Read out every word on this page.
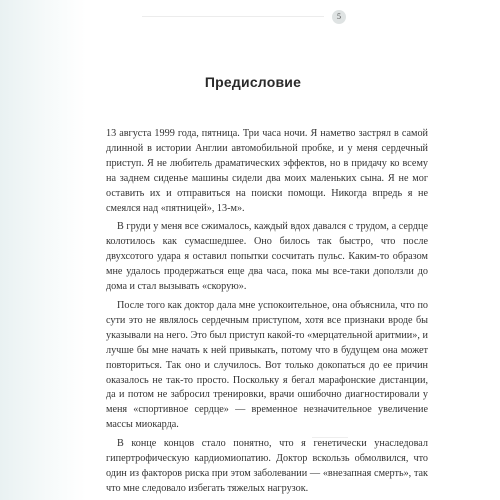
5
Предисловие

13 августа 1999 года, пятница. Три часа ночи. Я наметво застрял в самой длинной в истории Англии автомобильной пробке, и у меня сердечный приступ. Я не любитель драматических эффектов, но в придачу ко всему на заднем сиденье машины сидели два моих маленьких сына. Я не мог оставить их и отправиться на поиски помощи. Никогда впредь я не смеялся над «пятницей», 13-м».

В груди у меня все сжималось, каждый вдох давался с трудом, а сердце колотилось как сумасшедшее. Оно билось так быстро, что после двухсотого удара я оставил попытки сосчитать пульс. Каким-то образом мне удалось продержаться еще два часа, пока мы все-таки доползли до дома и стал вызывать «скорую».

После того как доктор дала мне успокоительное, она объяснила, что по сути это не являлось сердечным приступом, хотя все признаки вроде бы указывали на него. Это был приступ какой-то «мерцательной аритмии», и лучше бы мне начать к ней привыкать, потому что в будущем она может повториться. Так оно и случилось. Вот только докопаться до ее причин оказалось не так-то просто. Поскольку я бегал марафонские дистанции, да и потом не забросил тренировки, врачи ошибочно диагностировали у меня «спортивное сердце» — временное незначительное увеличение массы миокарда.

В конце концов стало понятно, что я генетически унаследовал гипертрофическую кардиомиопатию. Доктор вскользь обмолвился, что один из факторов риска при этом заболевании — «внезапная смерть», так что мне следовало избегать тяжелых нагрузок.
